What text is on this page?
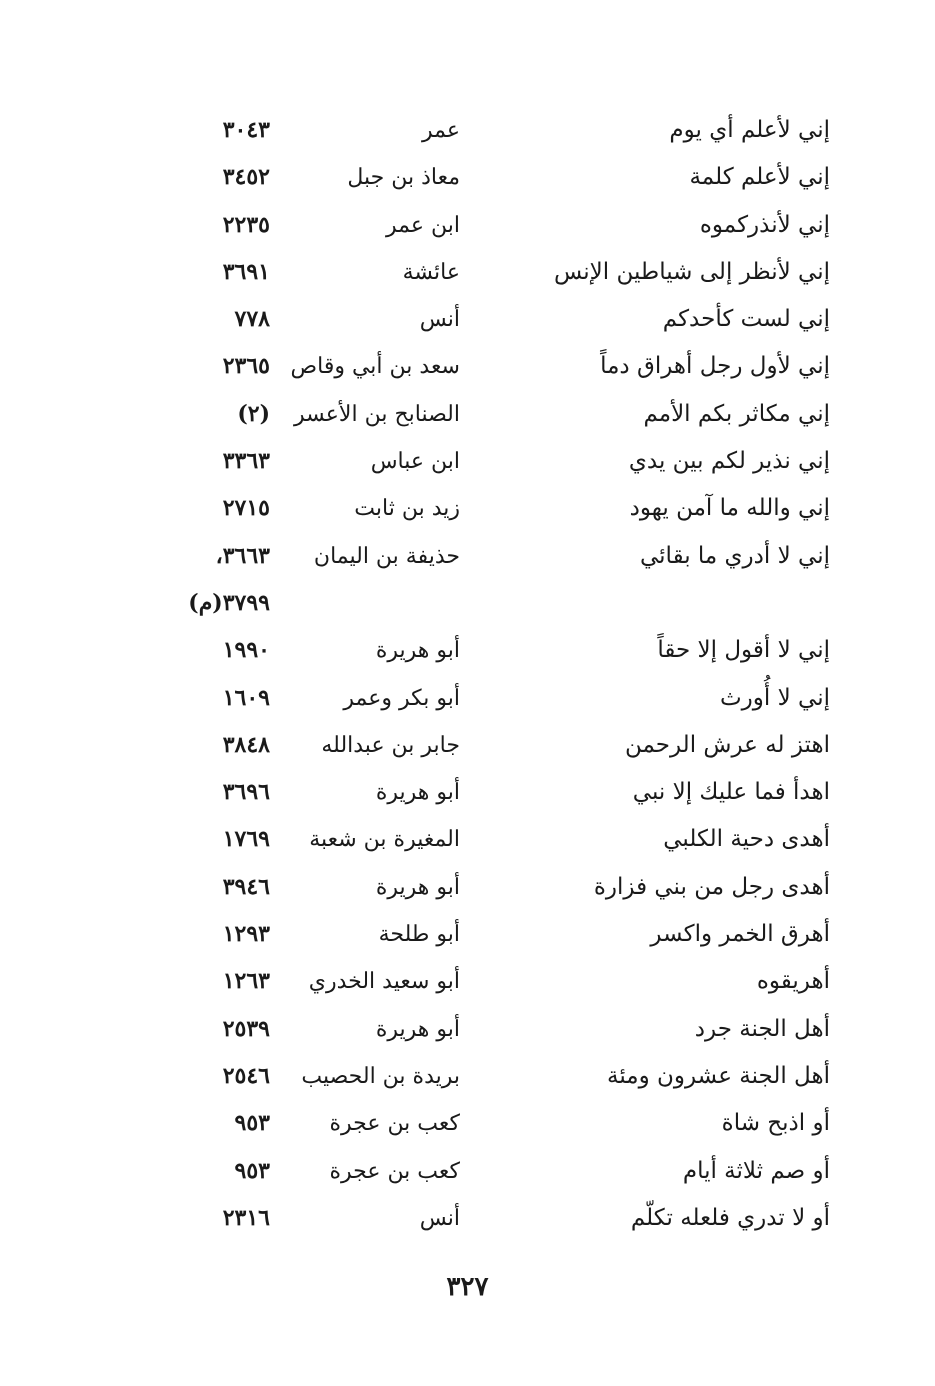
إني لأعلم أي يوم
عمر
٣٠٤٣
إني لأعلم كلمة
معاذ بن جبل
٣٤٥٢
إني لأنذركموه
ابن عمر
٢٢٣٥
إني لأنظر إلى شياطين الإنس
عائشة
٣٦٩١
إني لست كأحدكم
أنس
٧٧٨
إني لأول رجل أهراق دماً
سعد بن أبي وقاص
٢٣٦٥
إني مكاثر بكم الأمم
الصنابح بن الأعسر
(٢)
إني نذير لكم بين يدي
ابن عباس
٣٣٦٣
إني والله ما آمن يهود
زيد بن ثابت
٢٧١٥
إني لا أدري ما بقائي
حذيفة بن اليمان
٣٦٦٣،
٣٧٩٩(م)
إني لا أقول إلا حقاً
أبو هريرة
١٩٩٠
إني لا أُورث
أبو بكر وعمر
١٦٠٩
اهتز له عرش الرحمن
جابر بن عبدالله
٣٨٤٨
اهدأ فما عليك إلا نبي
أبو هريرة
٣٦٩٦
أهدى دحية الكلبي
المغيرة بن شعبة
١٧٦٩
أهدى رجل من بني فزارة
أبو هريرة
٣٩٤٦
أهرق الخمر واكسر
أبو طلحة
١٢٩٣
أهريقوه
أبو سعيد الخدري
١٢٦٣
أهل الجنة جرد
أبو هريرة
٢٥٣٩
أهل الجنة عشرون ومئة
بريدة بن الحصيب
٢٥٤٦
أو اذبح شاة
كعب بن عجرة
٩٥٣
أو صم ثلاثة أيام
كعب بن عجرة
٩٥٣
أو لا تدري فلعله تكلّم
أنس
٢٣١٦
٣٢٧
